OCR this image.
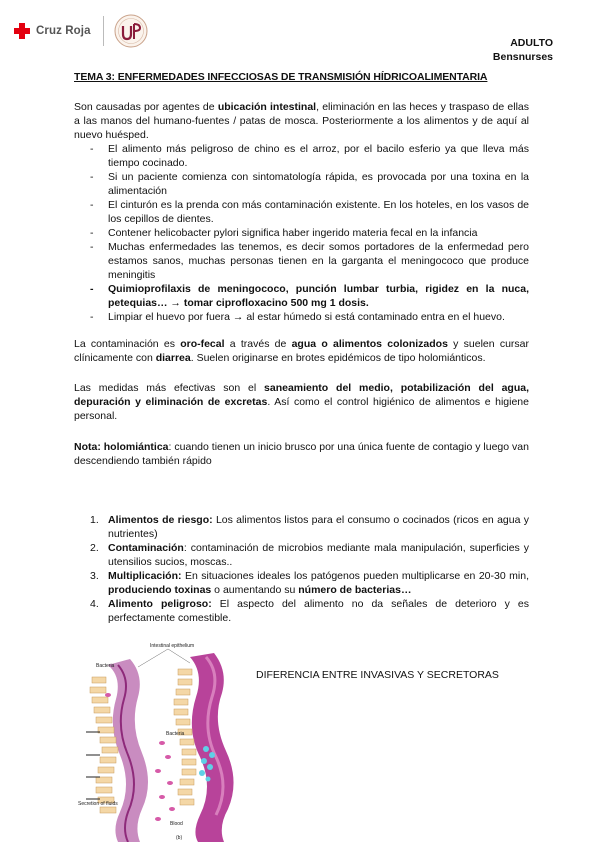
Cruz Roja
ADULTO
Bensnurses
TEMA 3: ENFERMEDADES INFECCIOSAS DE TRANSMISIÓN HÍDRICOALIMENTARIA

Son causadas por agentes de ubicación intestinal, eliminación en las heces y traspaso de ellas a las manos del humano-fuentes / patas de mosca. Posteriormente a los alimentos y de aquí al nuevo huésped.

- El alimento más peligroso de chino es el arroz, por el bacilo esferio ya que lleva más tiempo cocinado.
- Si un paciente comienza con sintomatología rápida, es provocada por una toxina en la alimentación
- El cinturón es la prenda con más contaminación existente. En los hoteles, en los vasos de los cepillos de dientes.
- Contener helicobacter pylori significa haber ingerido materia fecal en la infancia
- Muchas enfermedades las tenemos, es decir somos portadores de la enfermedad pero estamos sanos, muchas personas tienen en la garganta el meningococo que produce meningitis
- Quimioprofilaxis de meningococo, punción lumbar turbia, rigidez en la nuca, petequias… → tomar ciprofloxacino 500 mg 1 dosis.
- Limpiar el huevo por fuera → al estar húmedo si está contaminado entra en el huevo.

La contaminación es oro-fecal a través de agua o alimentos colonizados y suelen cursar clínicamente con diarrea. Suelen originarse en brotes epidémicos de tipo holomiánticos.

Las medidas más efectivas son el saneamiento del medio, potabilización del agua, depuración y eliminación de excretas. Así como el control higiénico de alimentos e higiene personal.

Nota: holomiántica: cuando tienen un inicio brusco por una única fuente de contagio y luego van descendiendo también rápido

1. Alimentos de riesgo: Los alimentos listos para el consumo o cocinados (ricos en agua y nutrientes)
2. Contaminación: contaminación de microbios mediante mala manipulación, superficies y utensilios sucios, moscas..
3. Multiplicación: En situaciones ideales los patógenos pueden multiplicarse en 20-30 min, produciendo toxinas o aumentando su número de bacterias…
4. Alimento peligroso: El aspecto del alimento no da señales de deterioro y es perfectamente comestible.
Intestinal epithelium
Bacteria
Bacteria
Secretion of fluids
Blood
(b)
DIFERENCIA ENTRE INVASIVAS Y SECRETORAS
